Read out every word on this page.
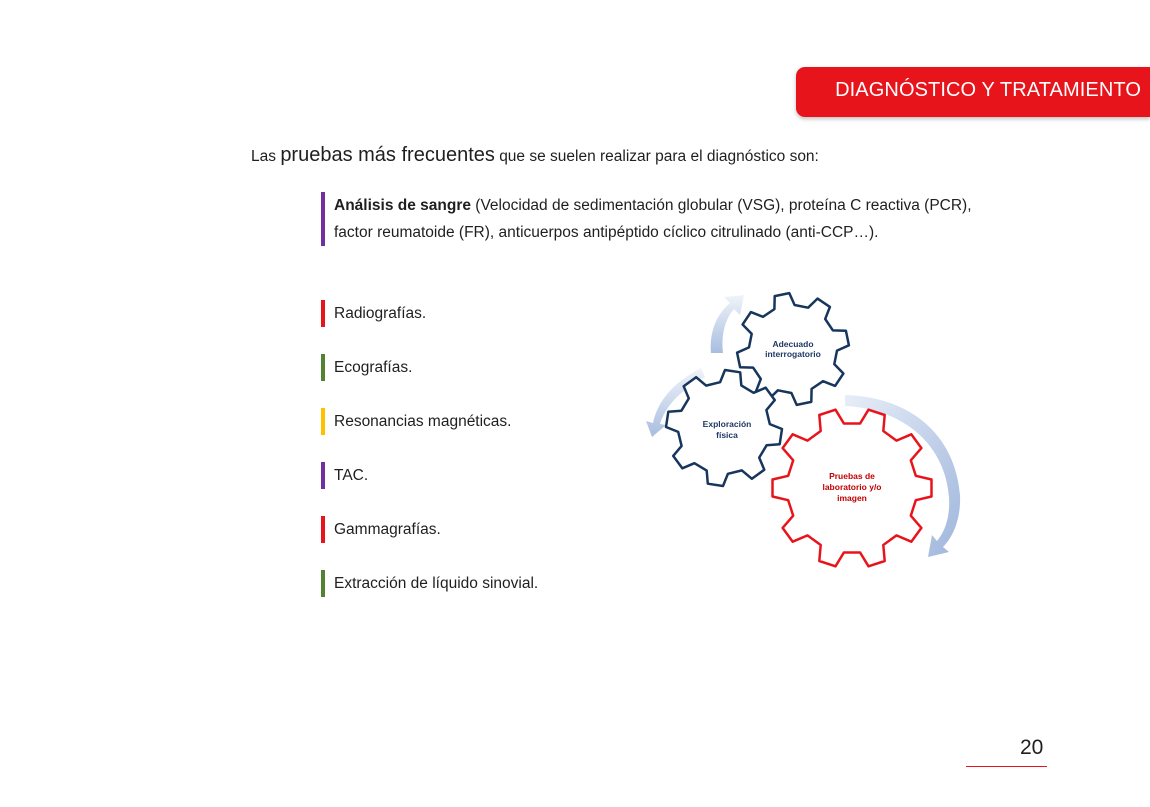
DIAGNÓSTICO Y TRATAMIENTO
Las pruebas más frecuentes que se suelen realizar para el diagnóstico son:
Análisis de sangre (Velocidad de sedimentación globular (VSG), proteína C reactiva (PCR), factor reumatoide (FR), anticuerpos antipéptido cíclico citrulinado (anti-CCP…).
Radiografías.
Ecografías.
Resonancias magnéticas.
TAC.
Gammagrafías.
Extracción de líquido sinovial.
Adecuado
interrogatorio
Exploración
física
Pruebas de
laboratorio y/o
imagen
20
